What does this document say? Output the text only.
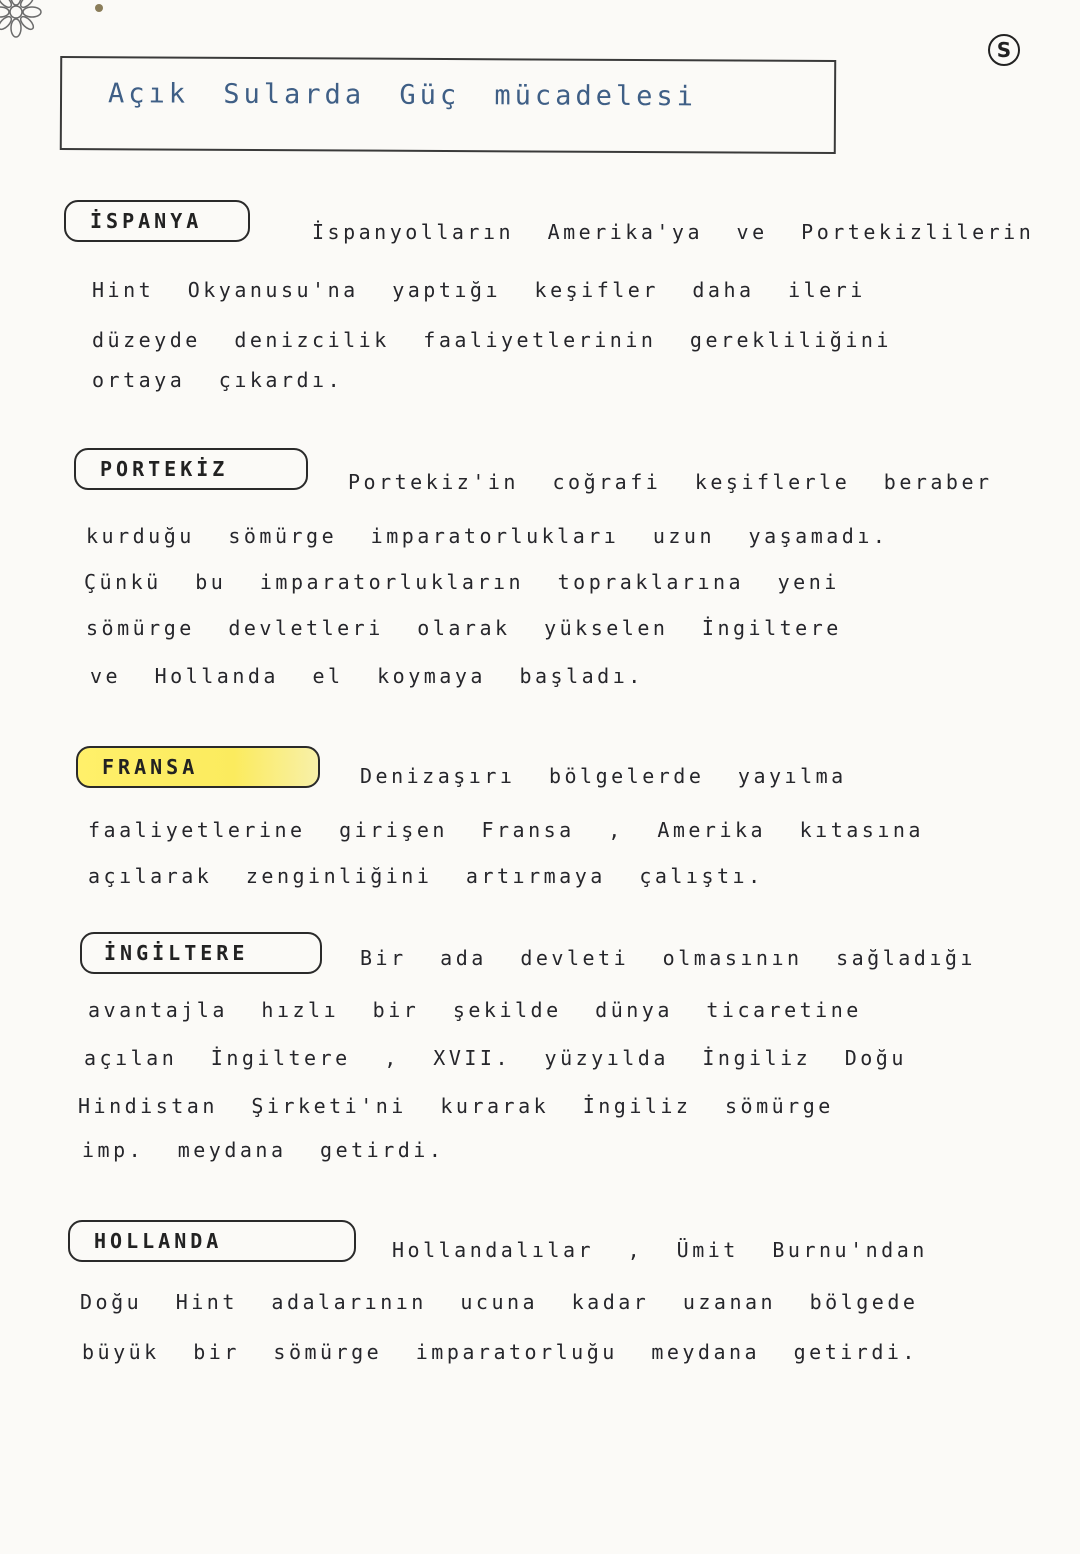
S
Açık Sularda Güç mücadelesi
İSPANYA	İspanyolların Amerika'ya ve Portekizlilerin
Hint Okyanusu'na yaptığı keşifler daha ileri
düzeyde denizcilik faaliyetlerinin gerekliliğini
ortaya çıkardı.
PORTEKİZ
Portekiz'in coğrafi keşiflerle beraber
kurduğu sömürge imparatorlukları uzun yaşamadı.
Çünkü bu imparatorlukların topraklarına yeni
sömürge devletleri olarak yükselen İngiltere
ve Hollanda el koymaya başladı.
FRANSA	Denizaşırı bölgelerde yayılma
faaliyetlerine girişen Fransa , Amerika kıtasına
açılarak zenginliğini artırmaya çalıştı.
İNGİLTERE	Bir ada devleti olmasının sağladığı
avantajla hızlı bir şekilde dünya ticaretine
açılan İngiltere , XVII. yüzyılda İngiliz Doğu
Hindistan Şirketi'ni kurarak İngiliz sömürge
imp. meydana getirdi.
HOLLANDA	Hollandalılar , Ümit Burnu'ndan
Doğu Hint adalarının ucuna kadar uzanan bölgede
büyük bir sömürge imparatorluğu meydana getirdi.
